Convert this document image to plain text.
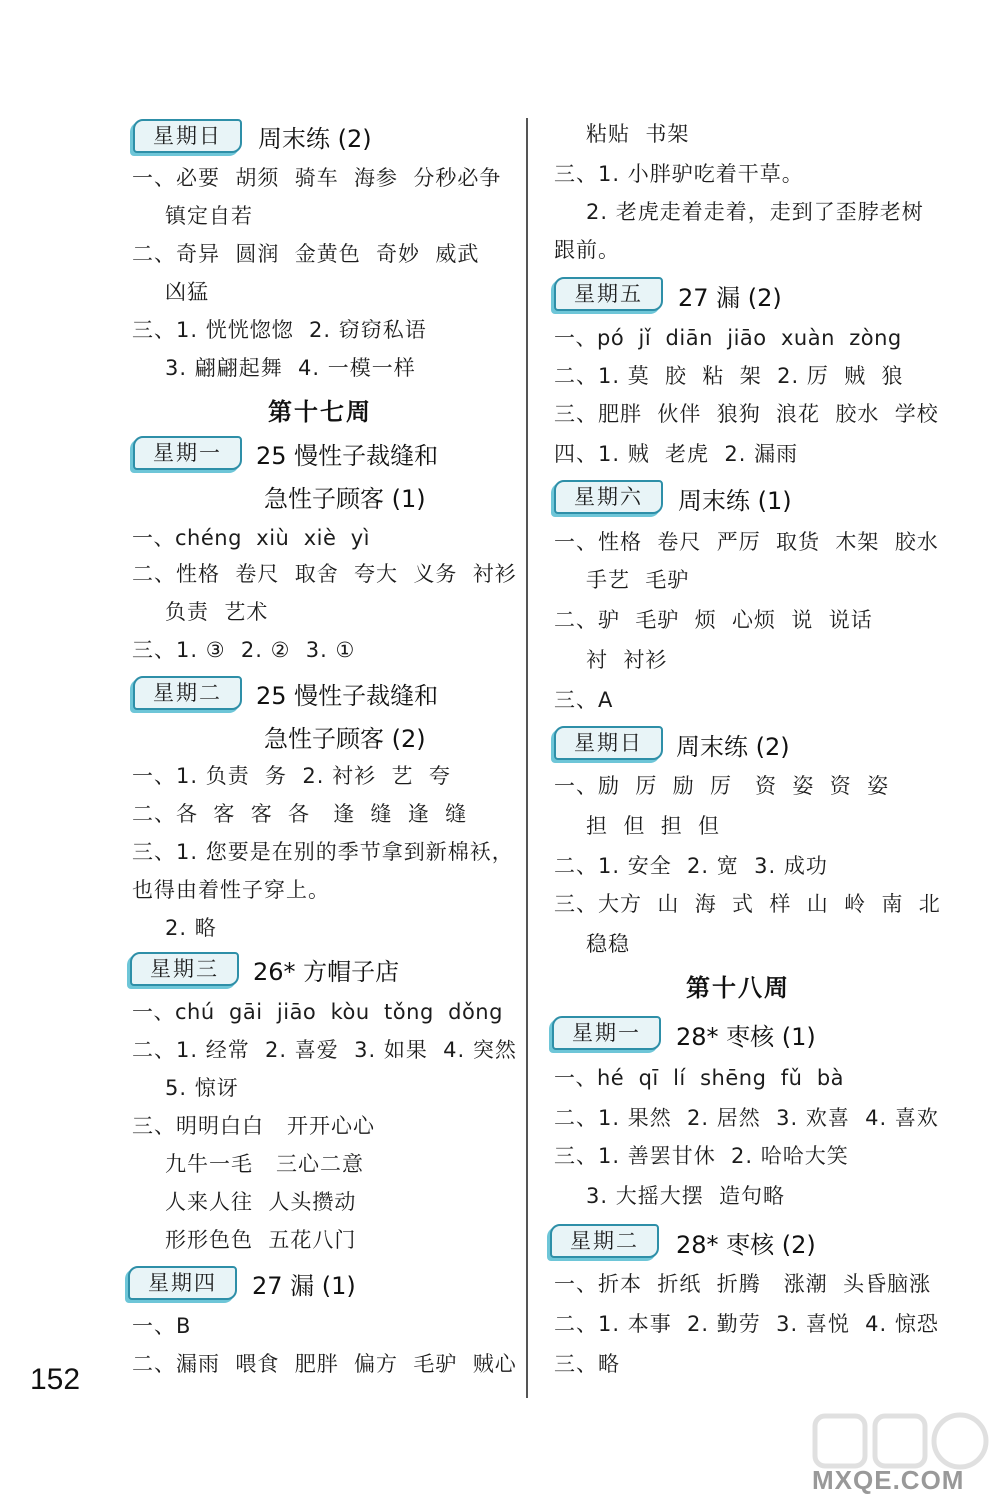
星期日	周末练 (2)
一、必要  胡须  骑车  海参  分秒必争
镇定自若
二、奇异  圆润  金黄色  奇妙  威武
凶猛
三、1. 恍恍惚惚  2. 窃窃私语
3. 翩翩起舞  4. 一模一样
第十七周
星期一	25 慢性子裁缝和
急性子顾客 (1)
一、chéng  xiù  xiè  yì
二、性格  卷尺  取舍  夸大  义务  衬衫
负责  艺术
三、1. ③  2. ②  3. ①
星期二	25 慢性子裁缝和
急性子顾客 (2)
一、1. 负责  务  2. 衬衫  艺  夸
二、各  客  客  各   逢  缝  逢  缝
三、1. 您要是在别的季节拿到新棉袄，
也得由着性子穿上。
2. 略
星期三	26* 方帽子店
一、chú  gāi  jiāo  kòu  tǒng  dǒng
二、1. 经常  2. 喜爱  3. 如果  4. 突然
5. 惊讶
三、明明白白   开开心心
九牛一毛   三心二意
人来人往  人头攒动
形形色色  五花八门
星期四	27 漏 (1)
一、B
二、漏雨  喂食  肥胖  偏方  毛驴  贼心
152
粘贴  书架
三、1. 小胖驴吃着干草。
2. 老虎走着走着，走到了歪脖老树
跟前。
星期五	27 漏 (2)
一、pó  jǐ  diān  jiāo  xuàn  zòng
二、1. 莫  胶  粘  架  2. 厉  贼  狼
三、肥胖  伙伴  狼狗  浪花  胶水  学校
四、1. 贼  老虎  2. 漏雨
星期六	周末练 (1)
一、性格  卷尺  严厉  取货  木架  胶水
手艺  毛驴
二、驴  毛驴  烦  心烦  说  说话
衬  衬衫
三、A
星期日	周末练 (2)
一、励  厉  励  厉   资  姿  资  姿
担  但  担  但
二、1. 安全  2. 宽  3. 成功
三、大方  山  海  式  样  山  岭  南  北
稳稳
第十八周
星期一	28* 枣核 (1)
一、hé  qī  lí  shēng  fǔ  bà
二、1. 果然  2. 居然  3. 欢喜  4. 喜欢
三、1. 善罢甘休  2. 哈哈大笑
3. 大摇大摆  造句略
星期二	28* 枣核 (2)
一、折本  折纸  折腾   涨潮  头昏脑涨
二、1. 本事  2. 勤劳  3. 喜悦  4. 惊恐
三、略
MXQE.COM
